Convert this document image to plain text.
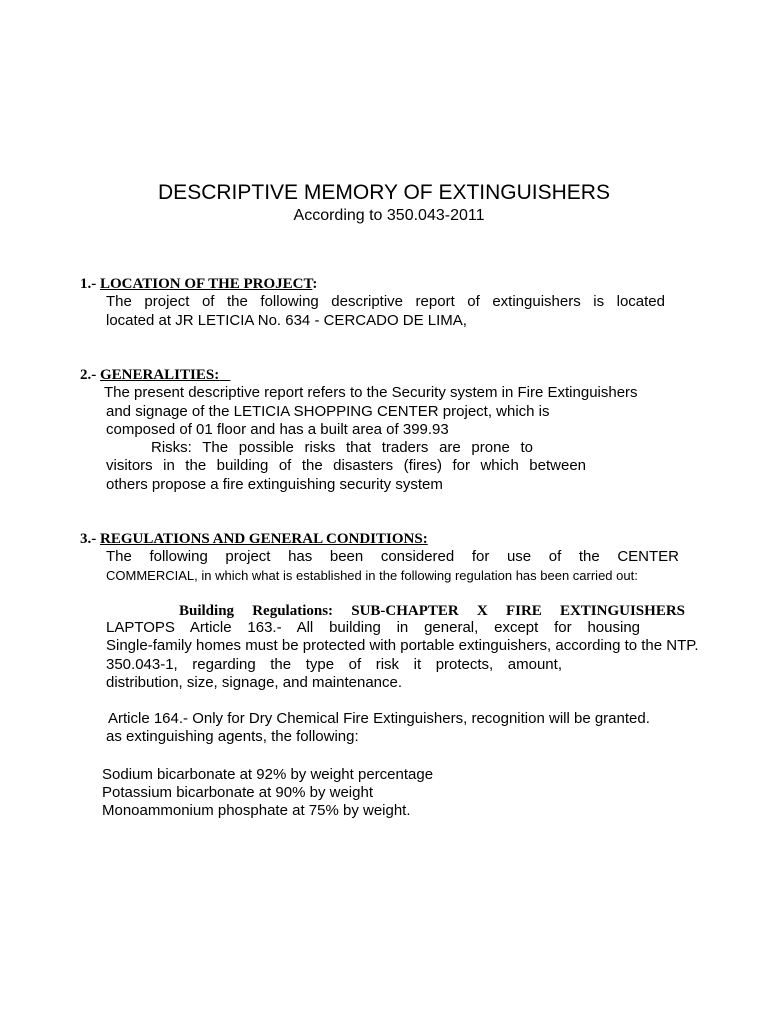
DESCRIPTIVE MEMORY OF EXTINGUISHERS
According to 350.043-2011
1.- LOCATION OF THE PROJECT:
The project of the following descriptive report of extinguishers is located
located at JR LETICIA No. 634 - CERCADO DE LIMA,
2.- GENERALITIES:
The present descriptive report refers to the Security system in Fire Extinguishers
and signage of the LETICIA SHOPPING CENTER project, which is
composed of 01 floor and has a built area of 399.93
Risks: The possible risks that traders are prone to
visitors in the building of the disasters (fires) for which between
others propose a fire extinguishing security system
3.- REGULATIONS AND GENERAL CONDITIONS:
The following project has been considered for use of the CENTER
COMMERCIAL, in which what is established in the following regulation has been carried out:
Building Regulations: SUB-CHAPTER X FIRE EXTINGUISHERS
LAPTOPS Article 163.- All building in general, except for housing
Single-family homes must be protected with portable extinguishers, according to the NTP.
350.043-1, regarding the type of risk it protects, amount,
distribution, size, signage, and maintenance.
Article 164.- Only for Dry Chemical Fire Extinguishers, recognition will be granted.
as extinguishing agents, the following:
Sodium bicarbonate at 92% by weight percentage
Potassium bicarbonate at 90% by weight
Monoammonium phosphate at 75% by weight.
